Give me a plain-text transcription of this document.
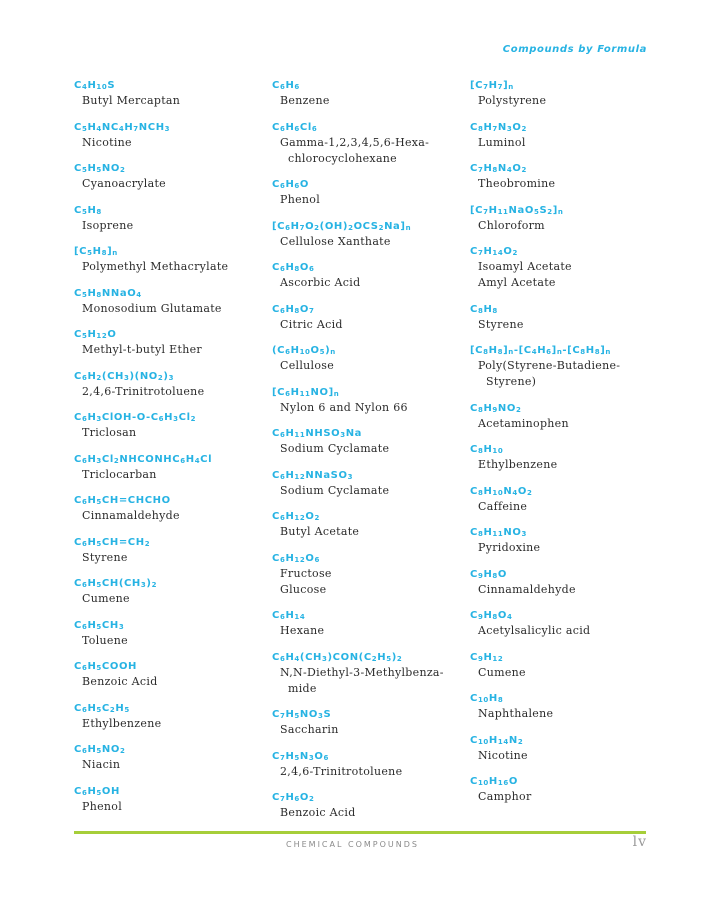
Compounds by Formula
$C_4H_{10}S$
Butyl Mercaptan
$C_5H_4NC_4H_7NCH_3$
Nicotine
$C_5H_5NO_2$
Cyanoacrylate
$C_5H_8$
Isoprene
$[C_5H_8]_n$
Polymethyl Methacrylate
$C_5H_8NNaO_4$
Monosodium Glutamate
$C_5H_{12}O$
Methyl-t-butyl Ether
$C_6H_2(CH_3)(NO_2)_3$
2,4,6-Trinitrotoluene
$C_6H_3ClOH-O-C_6H_3Cl_2$
Triclosan
$C_6H_3Cl_2NHCONHC_6H_4Cl$
Triclocarban
$C_6H_5CH=CHCHO$
Cinnamaldehyde
$C_6H_5CH=CH_2$
Styrene
$C_6H_5CH(CH_3)_2$
Cumene
$C_6H_5CH_3$
Toluene
$C_6H_5COOH$
Benzoic Acid
$C_6H_5C_2H_5$
Ethylbenzene
$C_6H_5NO_2$
Niacin
$C_6H_5OH$
Phenol
$C_6H_6$
Benzene
$C_6H_6Cl_6$
Gamma-1,2,3,4,5,6-Hexa-
chlorocyclohexane
$C_6H_6O$
Phenol
$[C_6H_7O_2(OH)_2OCS_2Na]_n$
Cellulose Xanthate
$C_6H_8O_6$
Ascorbic Acid
$C_6H_8O_7$
Citric Acid
$(C_6H_{10}O_5)_n$
Cellulose
$[C_6H_{11}NO]_n$
Nylon 6 and Nylon 66
$C_6H_{11}NHSO_3Na$
Sodium Cyclamate
$C_6H_{12}NNaSO_3$
Sodium Cyclamate
$C_6H_{12}O_2$
Butyl Acetate
$C_6H_{12}O_6$
Fructose
Glucose
$C_6H_{14}$
Hexane
$C_6H_4(CH_3)CON(C_2H_5)_2$
N,N-Diethyl-3-Methylbenza-
mide
$C_7H_5NO_3S$
Saccharin
$C_7H_5N_3O_6$
2,4,6-Trinitrotoluene
$C_7H_6O_2$
Benzoic Acid
$[C_7H_7]_n$
Polystyrene
$C_8H_7N_3O_2$
Luminol
$C_7H_8N_4O_2$
Theobromine
$[C_7H_{11}NaO_5S_2]_n$
Chloroform
$C_7H_{14}O_2$
Isoamyl Acetate
Amyl Acetate
$C_8H_8$
Styrene
$[C_8H_8]_n-[C_4H_6]_n-[C_8H_8]_n$
Poly(Styrene-Butadiene-
Styrene)
$C_8H_9NO_2$
Acetaminophen
$C_8H_{10}$
Ethylbenzene
$C_8H_{10}N_4O_2$
Caffeine
$C_8H_{11}NO_3$
Pyridoxine
$C_9H_8O$
Cinnamaldehyde
$C_9H_8O_4$
Acetylsalicylic acid
$C_9H_{12}$
Cumene
$C_{10}H_8$
Naphthalene
$C_{10}H_{14}N_2$
Nicotine
$C_{10}H_{16}O$
Camphor
CHEMICAL COMPOUNDS	lv
